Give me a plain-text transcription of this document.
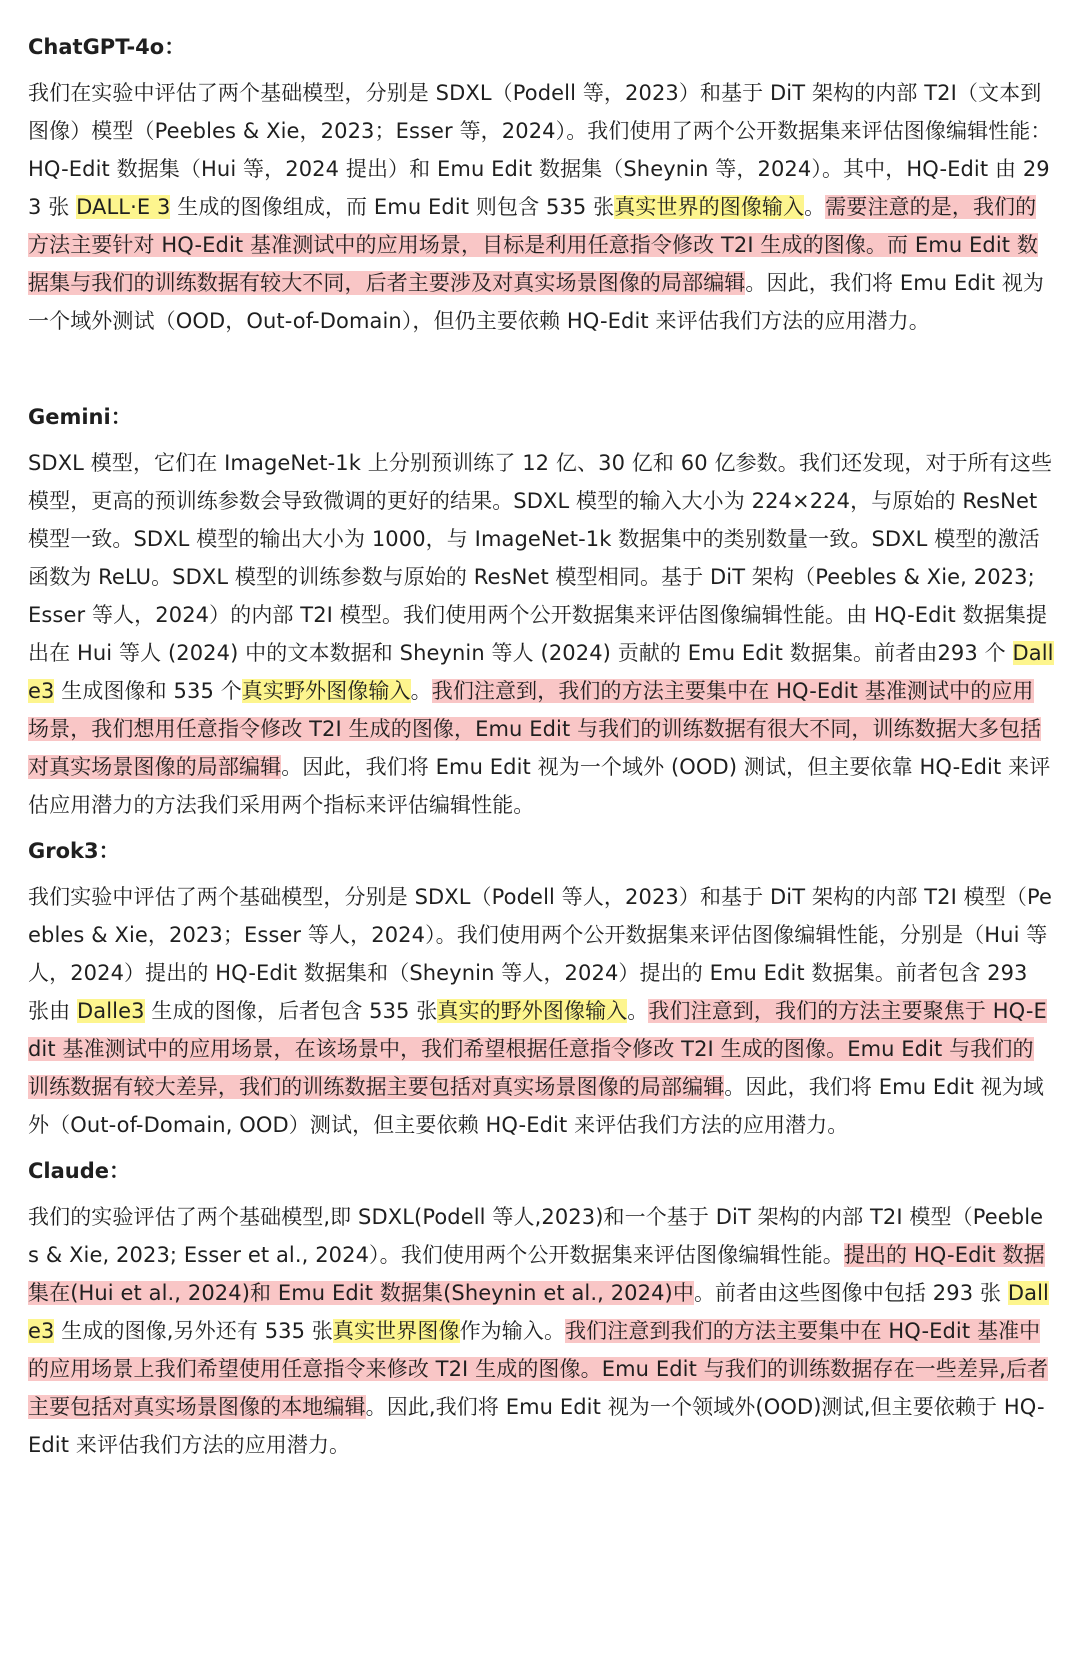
ChatGPT-4o：

我们在实验中评估了两个基础模型，分别是 SDXL（Podell 等，2023）和基于 DiT 架构的内部 T2I（文本到图像）模型（Peebles & Xie，2023；Esser 等，2024）。我们使用了两个公开数据集来评估图像编辑性能：HQ-Edit 数据集（Hui 等，2024 提出）和 Emu Edit 数据集（Sheynin 等，2024）。其中，HQ-Edit 由 293 张 DALL·E 3 生成的图像组成，而 Emu Edit 则包含 535 张真实世界的图像输入。需要注意的是，我们的方法主要针对 HQ-Edit 基准测试中的应用场景，目标是利用任意指令修改 T2I 生成的图像。而 Emu Edit 数据集与我们的训练数据有较大不同，后者主要涉及对真实场景图像的局部编辑。因此，我们将 Emu Edit 视为一个域外测试（OOD，Out-of-Domain），但仍主要依赖 HQ-Edit 来评估我们方法的应用潜力。

Gemini：

SDXL 模型，它们在 ImageNet-1k 上分别预训练了 12 亿、30 亿和 60 亿参数。我们还发现，对于所有这些模型，更高的预训练参数会导致微调的更好的结果。SDXL 模型的输入大小为 224×224，与原始的 ResNet 模型一致。SDXL 模型的输出大小为 1000，与 ImageNet-1k 数据集中的类别数量一致。SDXL 模型的激活函数为 ReLU。SDXL 模型的训练参数与原始的 ResNet 模型相同。基于 DiT 架构（Peebles & Xie, 2023; Esser 等人，2024）的内部 T2I 模型。我们使用两个公开数据集来评估图像编辑性能。由 HQ-Edit 数据集提出在 Hui 等人 (2024) 中的文本数据和 Sheynin 等人 (2024) 贡献的 Emu Edit 数据集。前者由293 个 Dalle3 生成图像和 535 个真实野外图像输入。我们注意到，我们的方法主要集中在 HQ-Edit 基准测试中的应用场景，我们想用任意指令修改 T2I 生成的图像，Emu Edit 与我们的训练数据有很大不同，训练数据大多包括对真实场景图像的局部编辑。因此，我们将 Emu Edit 视为一个域外 (OOD) 测试，但主要依靠 HQ-Edit 来评估应用潜力的方法我们采用两个指标来评估编辑性能。

Grok3：

我们实验中评估了两个基础模型，分别是 SDXL（Podell 等人，2023）和基于 DiT 架构的内部 T2I 模型（Peebles & Xie，2023；Esser 等人，2024）。我们使用两个公开数据集来评估图像编辑性能，分别是（Hui 等人，2024）提出的 HQ-Edit 数据集和（Sheynin 等人，2024）提出的 Emu Edit 数据集。前者包含 293 张由 Dalle3 生成的图像，后者包含 535 张真实的野外图像输入。我们注意到，我们的方法主要聚焦于 HQ-Edit 基准测试中的应用场景，在该场景中，我们希望根据任意指令修改 T2I 生成的图像。Emu Edit 与我们的训练数据有较大差异，我们的训练数据主要包括对真实场景图像的局部编辑。因此，我们将 Emu Edit 视为域外（Out-of-Domain, OOD）测试，但主要依赖 HQ-Edit 来评估我们方法的应用潜力。

Claude：

我们的实验评估了两个基础模型,即 SDXL(Podell 等人,2023)和一个基于 DiT 架构的内部 T2I 模型（Peebles & Xie, 2023; Esser et al., 2024）。我们使用两个公开数据集来评估图像编辑性能。提出的 HQ-Edit 数据集在(Hui et al., 2024)和 Emu Edit 数据集(Sheynin et al., 2024)中。前者由这些图像中包括 293 张 Dalle3 生成的图像,另外还有 535 张真实世界图像作为输入。我们注意到我们的方法主要集中在 HQ-Edit 基准中的应用场景上我们希望使用任意指令来修改 T2I 生成的图像。Emu Edit 与我们的训练数据存在一些差异,后者主要包括对真实场景图像的本地编辑。因此,我们将 Emu Edit 视为一个领域外(OOD)测试,但主要依赖于 HQ-Edit 来评估我们方法的应用潜力。
